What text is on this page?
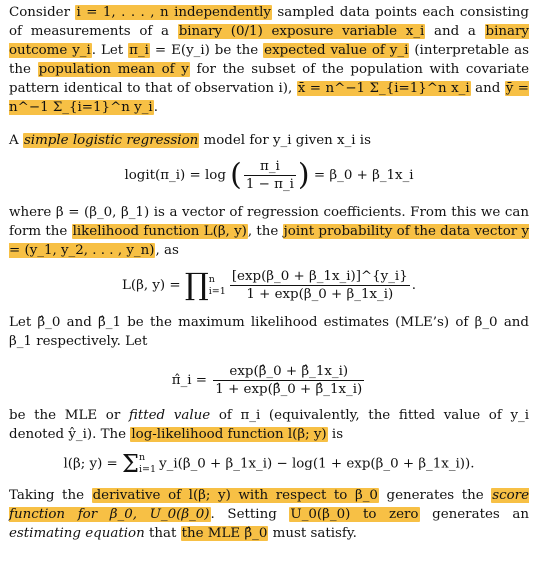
Consider i = 1, . . . , n independently sampled data points each consisting of measurements of a binary (0/1) exposure variable x_i and a binary outcome y_i. Let π_i = E(y_i) be the expected value of y_i (interpretable as the population mean of y for the subset of the population with covariate pattern identical to that of observation i), x̄ = n^−1 Σ_{i=1}^n x_i and ȳ = n^−1 Σ_{i=1}^n y_i.

A simple logistic regression model for y_i given x_i is

logit(π_i) = log ( $\frac{\pi\_i}{1 - \pi\_i}$ ) = β_0 + β_1x_i

where β = (β_0, β_1) is a vector of regression coefficients. From this we can form the likelihood function L(β, y), the joint probability of the data vector y = (y_1, y_2, . . . , y_n), as

L(β, y) = ∏ n
$i=1 \frac{[\exp(\beta\_0 + \beta\_1x\_i)]\^{}\{y\_i\}}{1 + \exp(\beta\_0 + \beta\_1x\_i)}$ .

Let β̂_0 and β̂_1 be the maximum likelihood estimates (MLE’s) of β_0 and β_1 respectively. Let

π̂_i = $\frac{\exp(\betâ\_0 + \betâ\_1x\_i)}{1 + \exp(\betâ\_0 + \betâ\_1x\_i)}$

be the MLE or fitted value of π_i (equivalently, the fitted value of y_i denoted ŷ_i). The log-likelihood function l(β; y) is

l(β; y) = Σ n
i=1 y_i(β_0 + β_1x_i) − log(1 + exp(β_0 + β_1x_i)).

Taking the derivative of l(β; y) with respect to β_0 generates the score function for β_0, U_0(β_0). Setting U_0(β_0) to zero generates an estimating equation that the MLE β̂_0 must satisfy.
